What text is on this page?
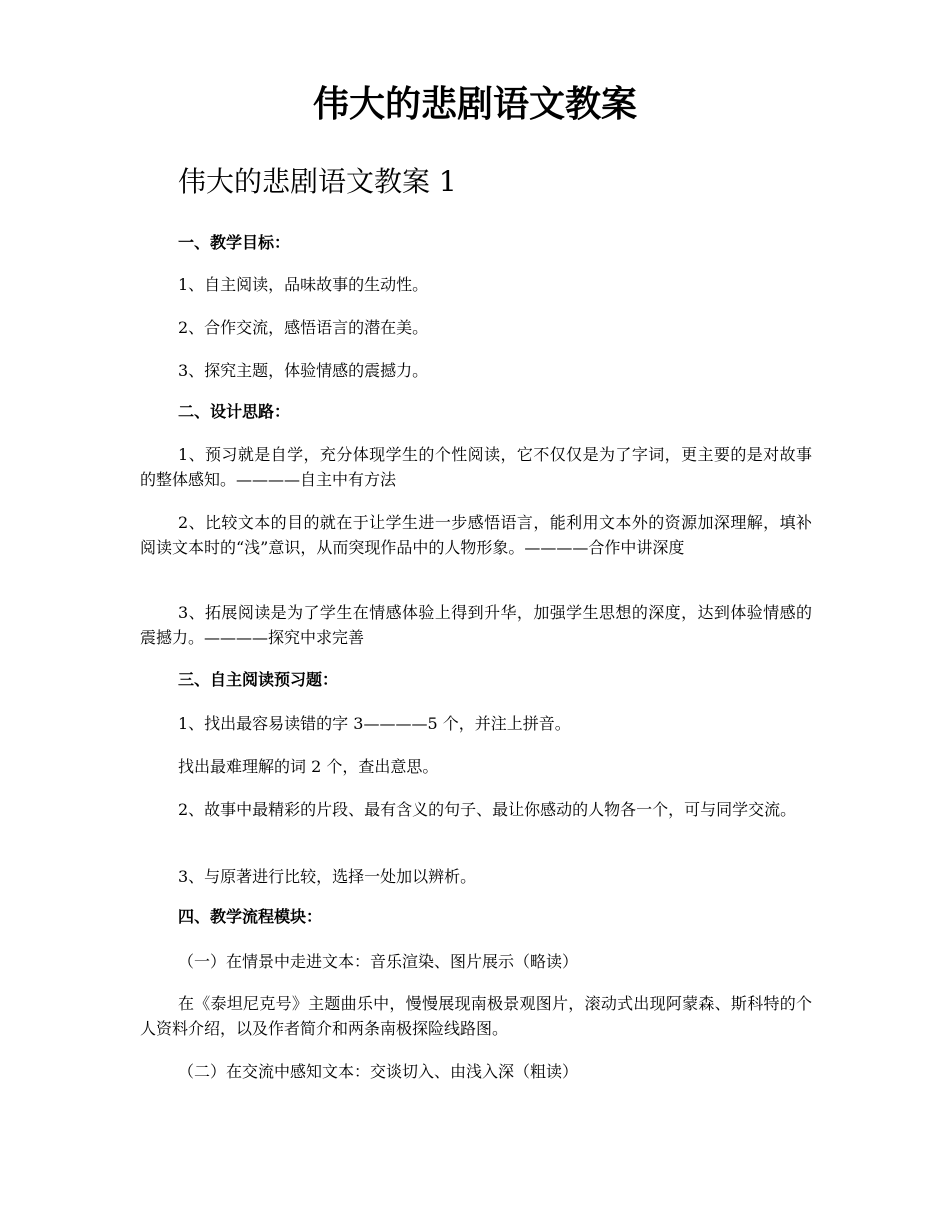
伟大的悲剧语文教案
伟大的悲剧语文教案 1
一、教学目标：

1、自主阅读，品味故事的生动性。

2、合作交流，感悟语言的潜在美。

3、探究主题，体验情感的震撼力。

二、设计思路：

1、预习就是自学，充分体现学生的个性阅读，它不仅仅是为了字词，更主要的是对故事的整体感知。————自主中有方法

2、比较文本的目的就在于让学生进一步感悟语言，能利用文本外的资源加深理解，填补阅读文本时的“浅”意识，从而突现作品中的人物形象。————合作中讲深度

3、拓展阅读是为了学生在情感体验上得到升华，加强学生思想的深度，达到体验情感的震撼力。————探究中求完善

三、自主阅读预习题：

1、找出最容易读错的字 3————5 个，并注上拼音。

找出最难理解的词 2 个，查出意思。

2、故事中最精彩的片段、最有含义的句子、最让你感动的人物各一个，可与同学交流。

3、与原著进行比较，选择一处加以辨析。

四、教学流程模块：

（一）在情景中走进文本：音乐渲染、图片展示（略读）

在《泰坦尼克号》主题曲乐中，慢慢展现南极景观图片，滚动式出现阿蒙森、斯科特的个人资料介绍，以及作者简介和两条南极探险线路图。

（二）在交流中感知文本：交谈切入、由浅入深（粗读）
